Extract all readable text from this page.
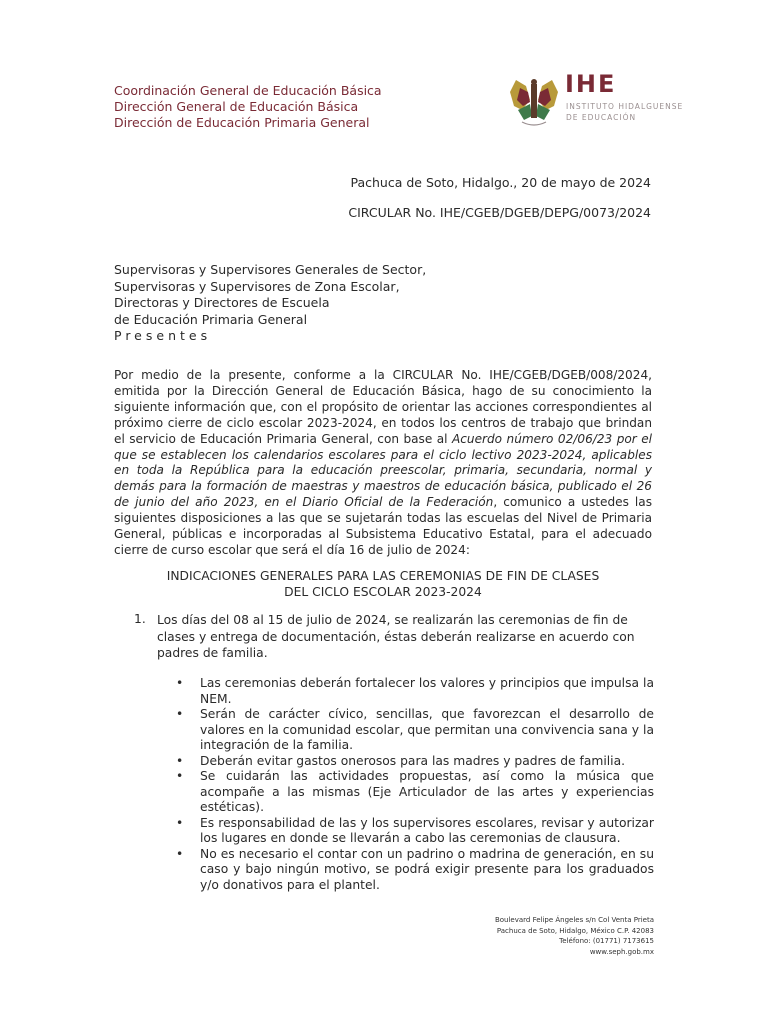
Coordinación General de Educación Básica
Dirección General de Educación Básica
Dirección de Educación Primaria General
IHE
INSTITUTO HIDALGUENSE
DE EDUCACIÓN
Pachuca de Soto, Hidalgo., 20 de mayo de 2024
CIRCULAR No. IHE/CGEB/DGEB/DEPG/0073/2024
Supervisoras y Supervisores Generales de Sector,
Supervisoras y Supervisores de Zona Escolar,
Directoras y Directores de Escuela
de Educación Primaria General
Presentes
Por medio de la presente, conforme a la CIRCULAR No. IHE/CGEB/DGEB/008/2024, emitida por la Dirección General de Educación Básica, hago de su conocimiento la siguiente información que, con el propósito de orientar las acciones correspondientes al próximo cierre de ciclo escolar 2023-2024, en todos los centros de trabajo que brindan el servicio de Educación Primaria General, con base al Acuerdo número 02/06/23 por el que se establecen los calendarios escolares para el ciclo lectivo 2023-2024, aplicables en toda la República para la educación preescolar, primaria, secundaria, normal y demás para la formación de maestras y maestros de educación básica, publicado el 26 de junio del año 2023, en el Diario Oficial de la Federación, comunico a ustedes las siguientes disposiciones a las que se sujetarán todas las escuelas del Nivel de Primaria General, públicas e incorporadas al Subsistema Educativo Estatal, para el adecuado cierre de curso escolar que será el día 16 de julio de 2024:
INDICACIONES GENERALES PARA LAS CEREMONIAS DE FIN DE CLASES
DEL CICLO ESCOLAR 2023-2024
1. Los días del 08 al 15 de julio de 2024, se realizarán las ceremonias de fin de clases y entrega de documentación, éstas deberán realizarse en acuerdo con padres de familia.
• Las ceremonias deberán fortalecer los valores y principios que impulsa la NEM.
• Serán de carácter cívico, sencillas, que favorezcan el desarrollo de valores en la comunidad escolar, que permitan una convivencia sana y la integración de la familia.
• Deberán evitar gastos onerosos para las madres y padres de familia.
• Se cuidarán las actividades propuestas, así como la música que acompañe a las mismas (Eje Articulador de las artes y experiencias estéticas).
• Es responsabilidad de las y los supervisores escolares, revisar y autorizar los lugares en donde se llevarán a cabo las ceremonias de clausura.
• No es necesario el contar con un padrino o madrina de generación, en su caso y bajo ningún motivo, se podrá exigir presente para los graduados y/o donativos para el plantel.
Boulevard Felipe Ángeles s/n Col Venta Prieta
Pachuca de Soto, Hidalgo, México C.P. 42083
Teléfono: (01771) 7173615
www.seph.gob.mx
